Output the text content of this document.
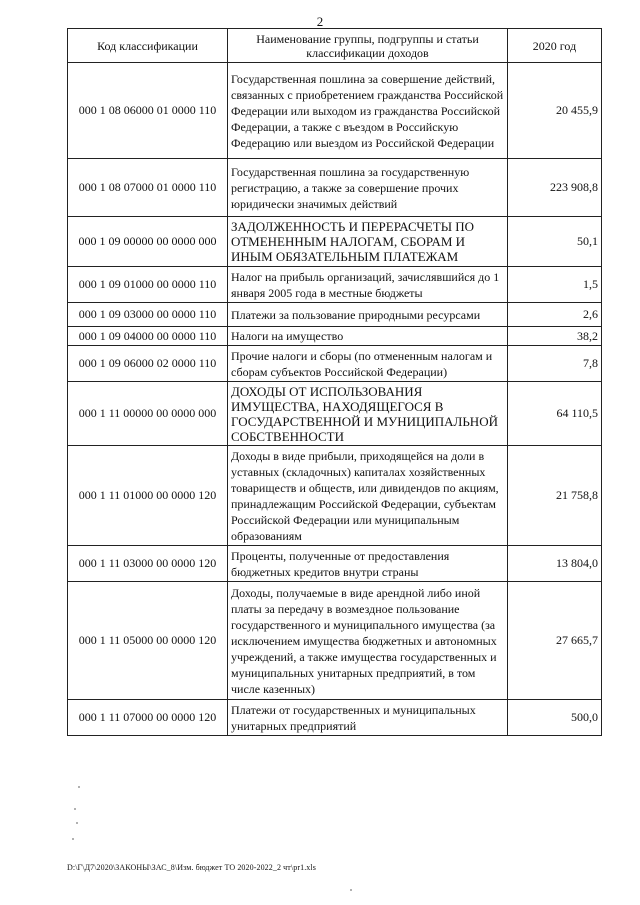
2
Код классификации	Наименование группы, подгруппы и статьи классификации доходов	2020 год
000 1 08 06000 01 0000 110	Государственная пошлина за совершение действий, связанных с приобретением гражданства Российской Федерации или выходом из гражданства Российской Федерации, а также с въездом в Российскую Федерацию или выездом из Российской Федерации	20 455,9
000 1 08 07000 01 0000 110	Государственная пошлина за государственную регистрацию, а также за совершение прочих юридически значимых действий	223 908,8
000 1 09 00000 00 0000 000	ЗАДОЛЖЕННОСТЬ И ПЕРЕРАСЧЕТЫ ПО ОТМЕНЕННЫМ НАЛОГАМ, СБОРАМ И ИНЫМ ОБЯЗАТЕЛЬНЫМ ПЛАТЕЖАМ	50,1
000 1 09 01000 00 0000 110	Налог на прибыль организаций, зачислявшийся до 1 января 2005 года в местные бюджеты	1,5
000 1 09 03000 00 0000 110	Платежи за пользование природными ресурсами	2,6
000 1 09 04000 00 0000 110	Налоги на имущество	38,2
000 1 09 06000 02 0000 110	Прочие налоги и сборы (по отмененным налогам и сборам субъектов Российской Федерации)	7,8
000 1 11 00000 00 0000 000	ДОХОДЫ ОТ ИСПОЛЬЗОВАНИЯ ИМУЩЕСТВА, НАХОДЯЩЕГОСЯ В ГОСУДАРСТВЕННОЙ И МУНИЦИПАЛЬНОЙ СОБСТВЕННОСТИ	64 110,5
000 1 11 01000 00 0000 120	Доходы в виде прибыли, приходящейся на доли в уставных (складочных) капиталах хозяйственных товариществ и обществ, или дивидендов по акциям, принадлежащим Российской Федерации, субъектам Российской Федерации или муниципальным образованиям	21 758,8
000 1 11 03000 00 0000 120	Проценты, полученные от предоставления бюджетных кредитов внутри страны	13 804,0
000 1 11 05000 00 0000 120	Доходы, получаемые в виде арендной либо иной платы за передачу в возмездное пользование государственного и муниципального имущества (за исключением имущества бюджетных и автономных учреждений, а также имущества государственных и муниципальных унитарных предприятий, в том числе казенных)	27 665,7
000 1 11 07000 00 0000 120	Платежи от государственных и муниципальных унитарных предприятий	500,0
D:\Г\Д7\2020\ЗАКОНЫ\ЗАС_8\Изм. бюджет ТО 2020-2022_2 чт\pr1.xls
